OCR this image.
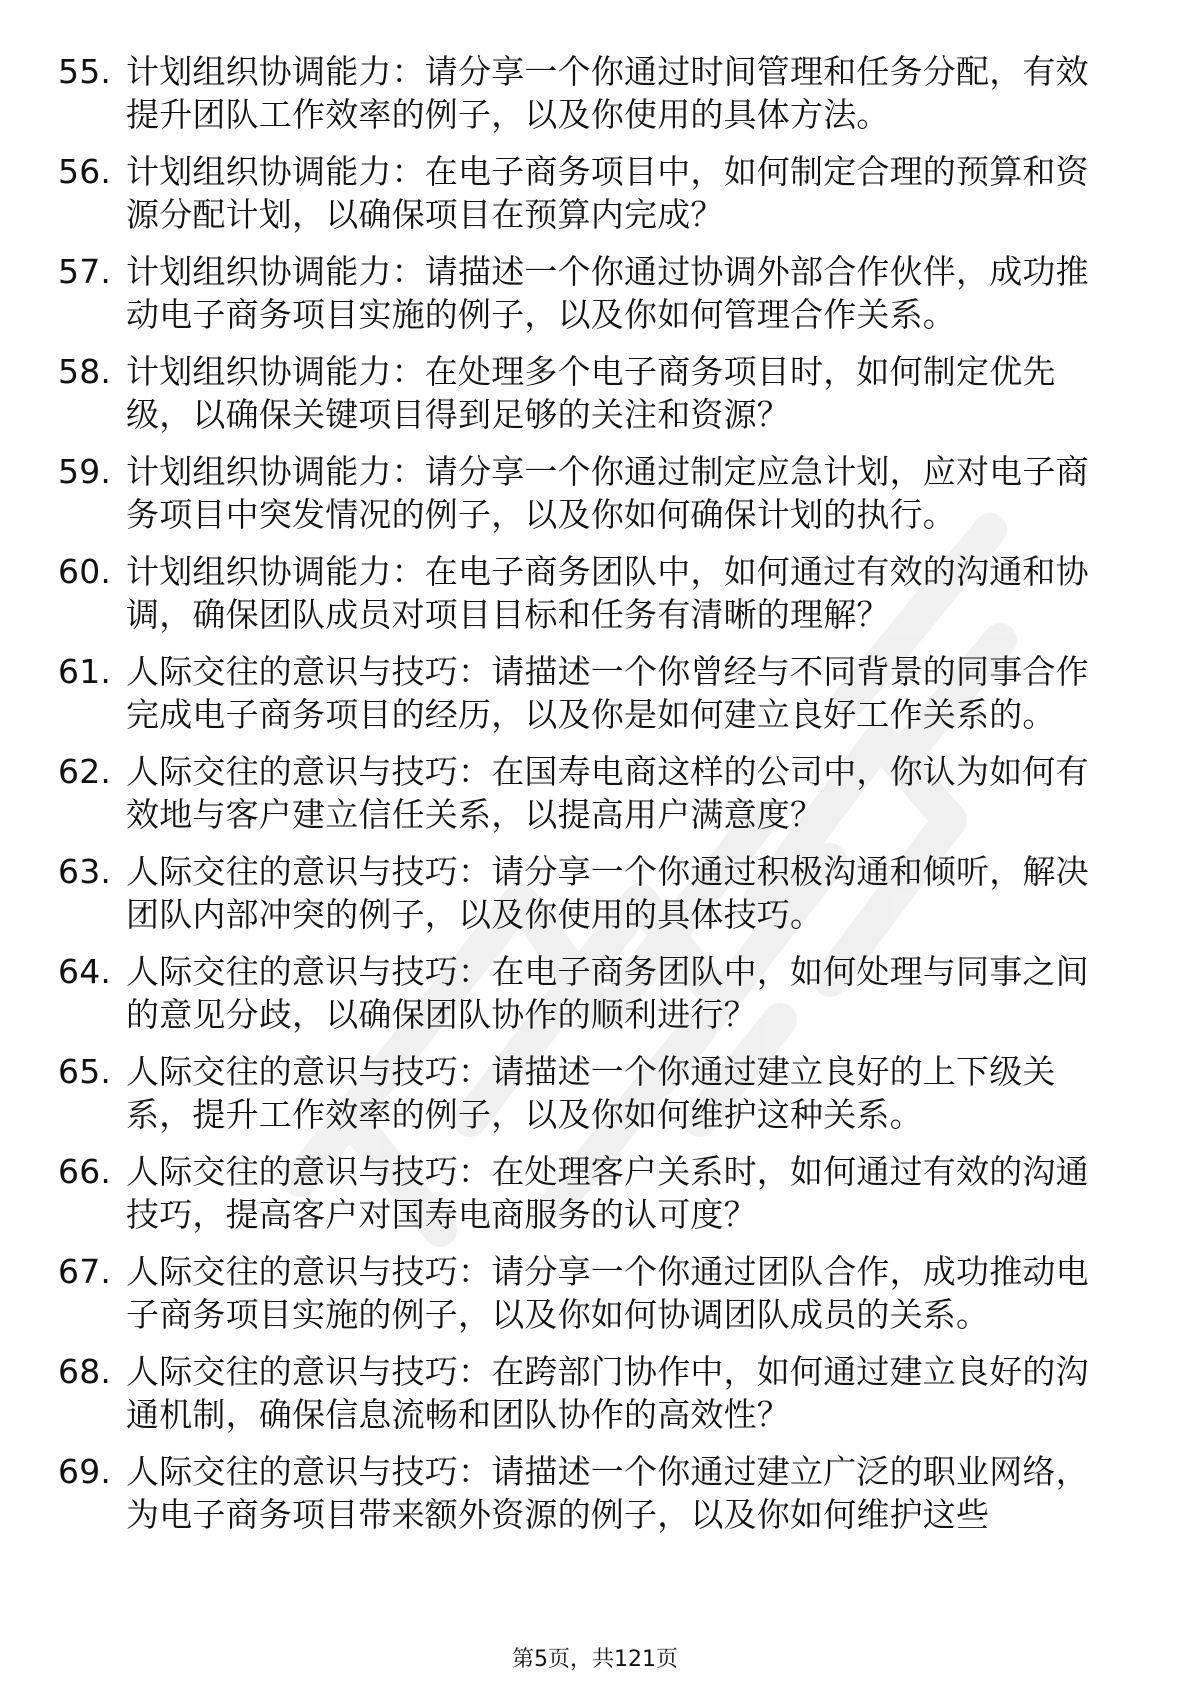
55. 计划组织协调能力：请分享一个你通过时间管理和任务分配，有效提升团队工作效率的例子，以及你使用的具体方法。
56. 计划组织协调能力：在电子商务项目中，如何制定合理的预算和资源分配计划，以确保项目在预算内完成？
57. 计划组织协调能力：请描述一个你通过协调外部合作伙伴，成功推动电子商务项目实施的例子，以及你如何管理合作关系。
58. 计划组织协调能力：在处理多个电子商务项目时，如何制定优先级，以确保关键项目得到足够的关注和资源？
59. 计划组织协调能力：请分享一个你通过制定应急计划，应对电子商务项目中突发情况的例子，以及你如何确保计划的执行。
60. 计划组织协调能力：在电子商务团队中，如何通过有效的沟通和协调，确保团队成员对项目目标和任务有清晰的理解？
61. 人际交往的意识与技巧：请描述一个你曾经与不同背景的同事合作完成电子商务项目的经历，以及你是如何建立良好工作关系的。
62. 人际交往的意识与技巧：在国寿电商这样的公司中，你认为如何有效地与客户建立信任关系，以提高用户满意度？
63. 人际交往的意识与技巧：请分享一个你通过积极沟通和倾听，解决团队内部冲突的例子，以及你使用的具体技巧。
64. 人际交往的意识与技巧：在电子商务团队中，如何处理与同事之间的意见分歧，以确保团队协作的顺利进行？
65. 人际交往的意识与技巧：请描述一个你通过建立良好的上下级关系，提升工作效率的例子，以及你如何维护这种关系。
66. 人际交往的意识与技巧：在处理客户关系时，如何通过有效的沟通技巧，提高客户对国寿电商服务的认可度？
67. 人际交往的意识与技巧：请分享一个你通过团队合作，成功推动电子商务项目实施的例子，以及你如何协调团队成员的关系。
68. 人际交往的意识与技巧：在跨部门协作中，如何通过建立良好的沟通机制，确保信息流畅和团队协作的高效性？
69. 人际交往的意识与技巧：请描述一个你通过建立广泛的职业网络，为电子商务项目带来额外资源的例子，以及你如何维护这些
第5页，共121页
